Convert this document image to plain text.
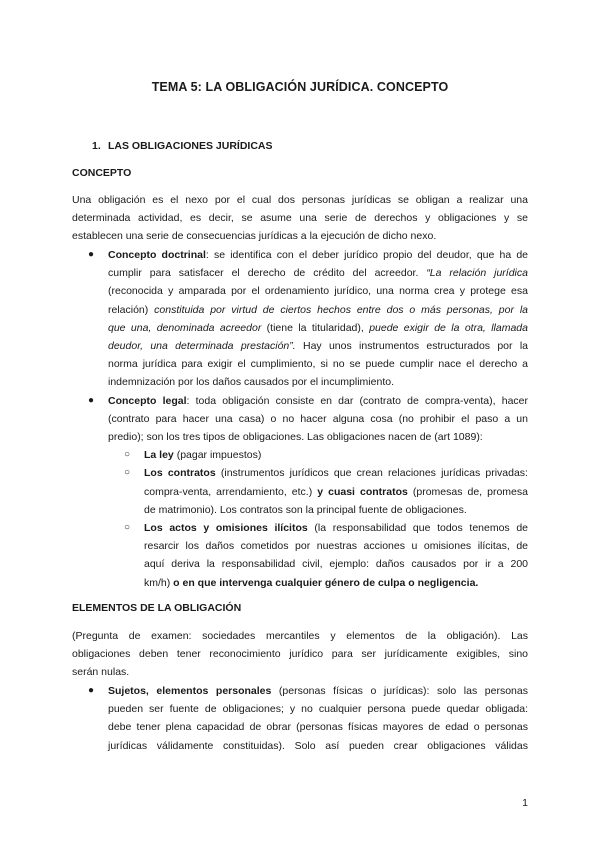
TEMA 5: LA OBLIGACIÓN JURÍDICA. CONCEPTO
1. LAS OBLIGACIONES JURÍDICAS
CONCEPTO
Una obligación es el nexo por el cual dos personas jurídicas se obligan a realizar una
determinada actividad, es decir, se asume una serie de derechos y obligaciones y se
establecen una serie de consecuencias jurídicas a la ejecución de dicho nexo.
● Concepto doctrinal: se identifica con el deber jurídico propio del deudor, que ha de
cumplir para satisfacer el derecho de crédito del acreedor. “La relación jurídica
(reconocida y amparada por el ordenamiento jurídico, una norma crea y protege esa
relación) constituida por virtud de ciertos hechos entre dos o más personas, por la
que una, denominada acreedor (tiene la titularidad), puede exigir de la otra, llamada
deudor, una determinada prestación”. Hay unos instrumentos estructurados por la
norma jurídica para exigir el cumplimiento, si no se puede cumplir nace el derecho a
indemnización por los daños causados por el incumplimiento.
● Concepto legal: toda obligación consiste en dar (contrato de compra-venta), hacer
(contrato para hacer una casa) o no hacer alguna cosa (no prohibir el paso a un
predio); son los tres tipos de obligaciones. Las obligaciones nacen de (art 1089):
○ La ley (pagar impuestos)
○ Los contratos (instrumentos jurídicos que crean relaciones jurídicas privadas:
compra-venta, arrendamiento, etc.) y cuasi contratos (promesas de, promesa
de matrimonio). Los contratos son la principal fuente de obligaciones.
○ Los actos y omisiones ilícitos (la responsabilidad que todos tenemos de
resarcir los daños cometidos por nuestras acciones u omisiones ilícitas, de
aquí deriva la responsabilidad civil, ejemplo: daños causados por ir a 200
km/h) o en que intervenga cualquier género de culpa o negligencia.
ELEMENTOS DE LA OBLIGACIÓN
(Pregunta de examen: sociedades mercantiles y elementos de la obligación). Las
obligaciones deben tener reconocimiento jurídico para ser jurídicamente exigibles, sino
serán nulas.
● Sujetos, elementos personales (personas físicas o jurídicas): solo las personas
pueden ser fuente de obligaciones; y no cualquier persona puede quedar obligada:
debe tener plena capacidad de obrar (personas físicas mayores de edad o personas
jurídicas válidamente constituidas). Solo así pueden crear obligaciones válidas
1
